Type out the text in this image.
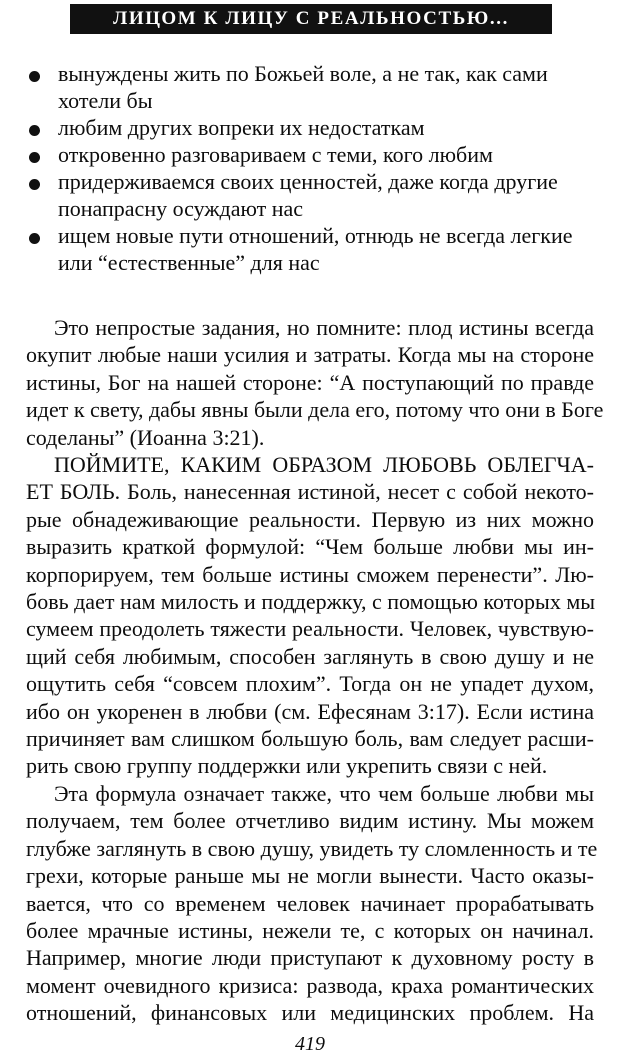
ЛИЦОМ К ЛИЦУ С РЕАЛЬНОСТЬЮ...
вынуждены жить по Божьей воле, а не так, как сами хотели бы
любим других вопреки их недостаткам
откровенно разговариваем с теми, кого любим
придерживаемся своих ценностей, даже когда другие понапрасну осуждают нас
ищем новые пути отношений, отнюдь не всегда легкие или “естественные” для нас
Это непростые задания, но помните: плод истины всегда
окупит любые наши усилия и затраты. Когда мы на стороне
истины, Бог на нашей стороне: “А поступающий по правде
идет к свету, дабы явны были дела его, потому что они в Боге
соделаны” (Иоанна 3:21).
ПОЙМИТЕ, КАКИМ ОБРАЗОМ ЛЮБОВЬ ОБЛЕГЧА-
ЕТ БОЛЬ. Боль, нанесенная истиной, несет с собой некото-
рые обнадеживающие реальности. Первую из них можно
выразить краткой формулой: “Чем больше любви мы ин-
корпорируем, тем больше истины сможем перенести”. Лю-
бовь дает нам милость и поддержку, с помощью которых мы
сумеем преодолеть тяжести реальности. Человек, чувствую-
щий себя любимым, способен заглянуть в свою душу и не
ощутить себя “совсем плохим”. Тогда он не упадет духом,
ибо он укоренен в любви (см. Ефесянам 3:17). Если истина
причиняет вам слишком большую боль, вам следует расши-
рить свою группу поддержки или укрепить связи с ней.
Эта формула означает также, что чем больше любви мы
получаем, тем более отчетливо видим истину. Мы можем
глубже заглянуть в свою душу, увидеть ту сломленность и те
грехи, которые раньше мы не могли вынести. Часто оказы-
вается, что со временем человек начинает прорабатывать
более мрачные истины, нежели те, с которых он начинал.
Например, многие люди приступают к духовному росту в
момент очевидного кризиса: развода, краха романтических
отношений, финансовых или медицинских проблем. На
419
